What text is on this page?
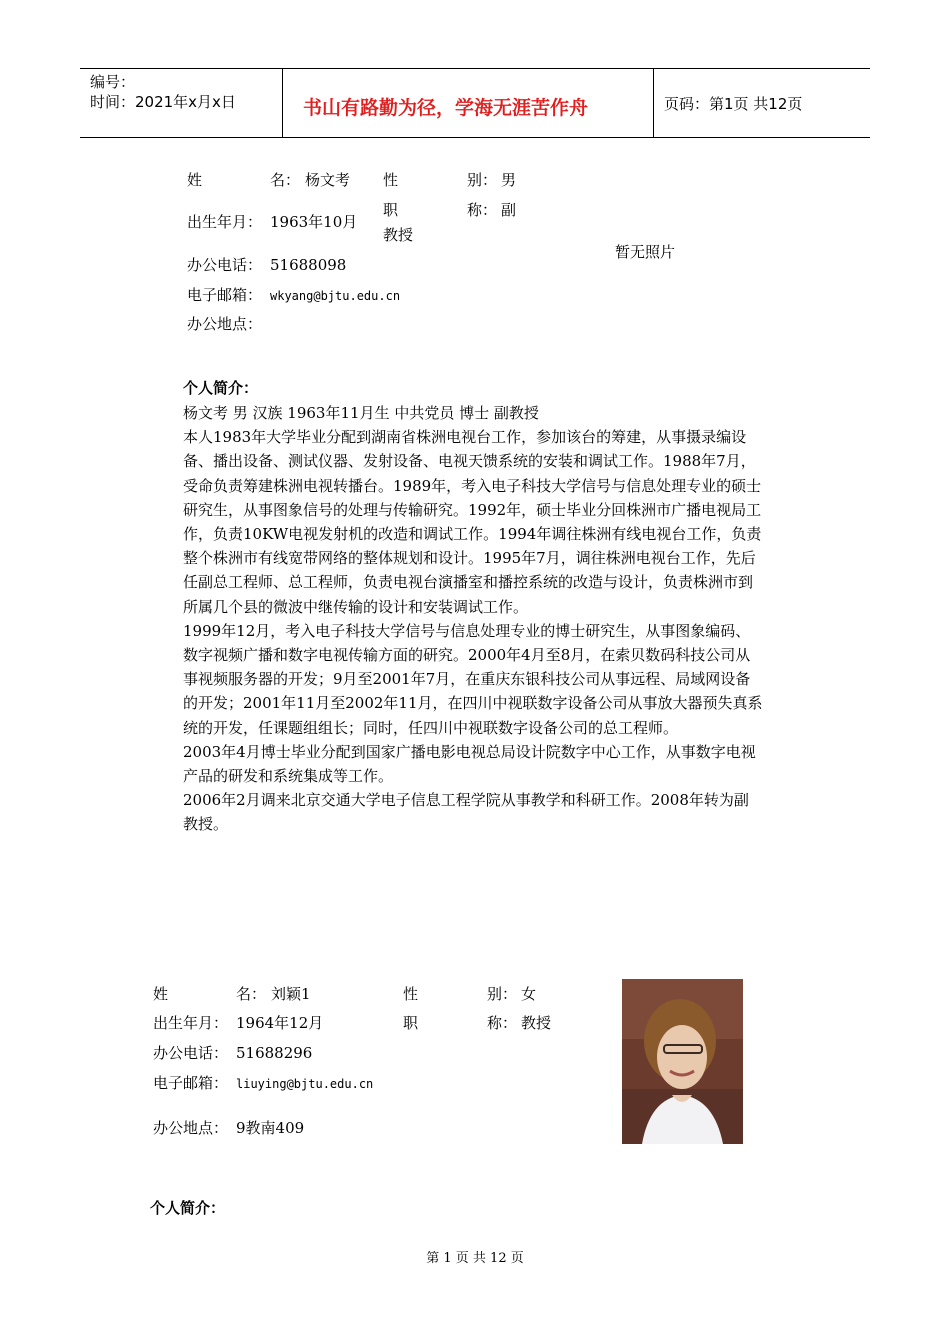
编号：
时间：2021年x月x日	书山有路勤为径，学海无涯苦作舟	页码：第1页 共12页
姓	名： 杨文考 性	别： 男
出生年月： 1963年10月
职	称： 副
教授
暂无照片
办公电话： 51688098
电子邮箱： wkyang@bjtu.edu.cn
办公地点：
个人简介：

杨文考 男 汉族 1963年11月生 中共党员 博士 副教授

本人1983年大学毕业分配到湖南省株洲电视台工作，参加该台的筹建，从事摄录编设备、播出设备、测试仪器、发射设备、电视天馈系统的安装和调试工作。1988年7月，受命负责筹建株洲电视转播台。1989年，考入电子科技大学信号与信息处理专业的硕士研究生，从事图象信号的处理与传输研究。1992年，硕士毕业分回株洲市广播电视局工作，负责10KW电视发射机的改造和调试工作。1994年调往株洲有线电视台工作，负责整个株洲市有线宽带网络的整体规划和设计。1995年7月，调往株洲电视台工作，先后任副总工程师、总工程师，负责电视台演播室和播控系统的改造与设计，负责株洲市到所属几个县的微波中继传输的设计和安装调试工作。

1999年12月，考入电子科技大学信号与信息处理专业的博士研究生，从事图象编码、数字视频广播和数字电视传输方面的研究。2000年4月至8月，在索贝数码科技公司从事视频服务器的开发；9月至2001年7月，在重庆东银科技公司从事远程、局域网设备的开发；2001年11月至2002年11月，在四川中视联数字设备公司从事放大器预失真系统的开发，任课题组组长；同时，任四川中视联数字设备公司的总工程师。

2003年4月博士毕业分配到国家广播电影电视总局设计院数字中心工作，从事数字电视产品的研发和系统集成等工作。

2006年2月调来北京交通大学电子信息工程学院从事教学和科研工作。2008年转为副教授。

姓	名： 刘颖1	性	别： 女
出生年月： 1964年12月	职	称： 教授
办公电话： 51688296
电子邮箱： liuying@bjtu.edu.cn
办公地点： 9教南409
个人简介：
第 1 页 共 12 页
